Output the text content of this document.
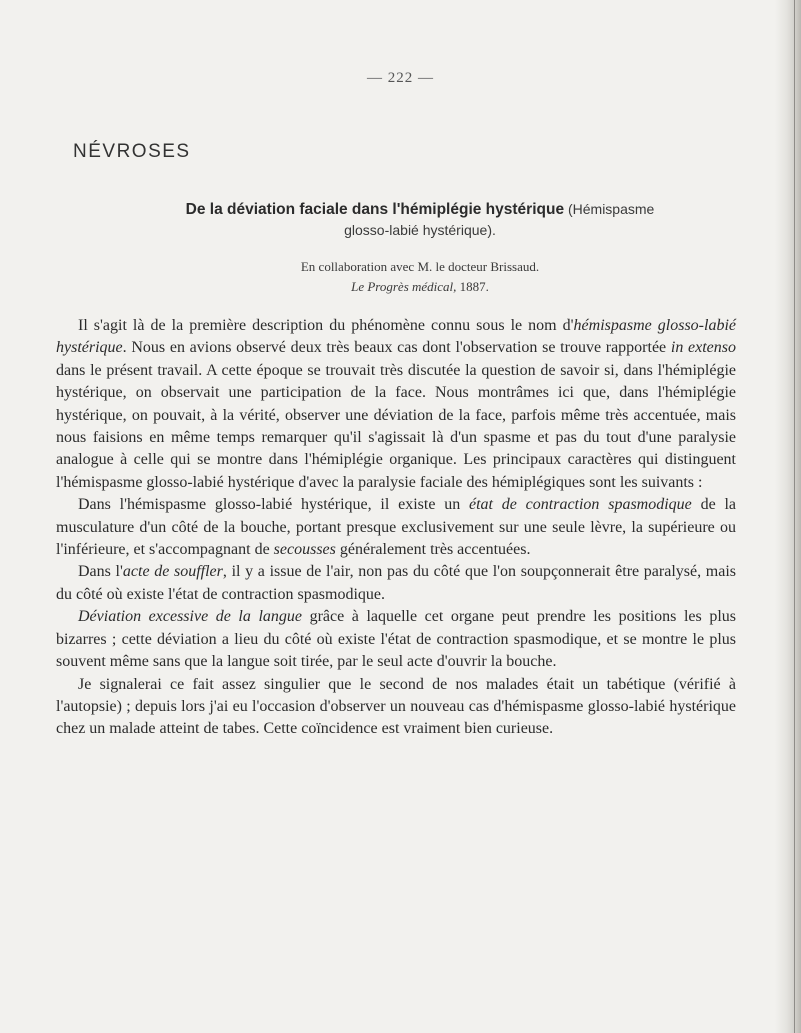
— 222 —
NÉVROSES
De la déviation faciale dans l'hémiplégie hystérique (Hémispasme
glosso-labié hystérique).
En collaboration avec M. le docteur Brissaud.
Le Progrès médical, 1887.

Il s'agit là de la première description du phénomène connu sous le nom d'hémispasme glosso-labié hystérique. Nous en avions observé deux très beaux cas dont l'observation se trouve rapportée in extenso dans le présent travail. A cette époque se trouvait très discutée la question de savoir si, dans l'hémiplégie hystérique, on observait une participation de la face. Nous montrâmes ici que, dans l'hémiplégie hystérique, on pouvait, à la vérité, observer une déviation de la face, parfois même très accentuée, mais nous faisions en même temps remarquer qu'il s'agissait là d'un spasme et pas du tout d'une paralysie analogue à celle qui se montre dans l'hémiplégie organique. Les principaux caractères qui distinguent l'hémispasme glosso-labié hystérique d'avec la paralysie faciale des hémiplégiques sont les suivants :

Dans l'hémispasme glosso-labié hystérique, il existe un état de contraction spasmodique de la musculature d'un côté de la bouche, portant presque exclusivement sur une seule lèvre, la supérieure ou l'inférieure, et s'accompagnant de secousses généralement très accentuées.

Dans l'acte de souffler, il y a issue de l'air, non pas du côté que l'on soupçonnerait être paralysé, mais du côté où existe l'état de contraction spasmodique.

Déviation excessive de la langue grâce à laquelle cet organe peut prendre les positions les plus bizarres ; cette déviation a lieu du côté où existe l'état de contraction spasmodique, et se montre le plus souvent même sans que la langue soit tirée, par le seul acte d'ouvrir la bouche.

Je signalerai ce fait assez singulier que le second de nos malades était un tabétique (vérifié à l'autopsie) ; depuis lors j'ai eu l'occasion d'observer un nouveau cas d'hémispasme glosso-labié hystérique chez un malade atteint de tabes. Cette coïncidence est vraiment bien curieuse.
